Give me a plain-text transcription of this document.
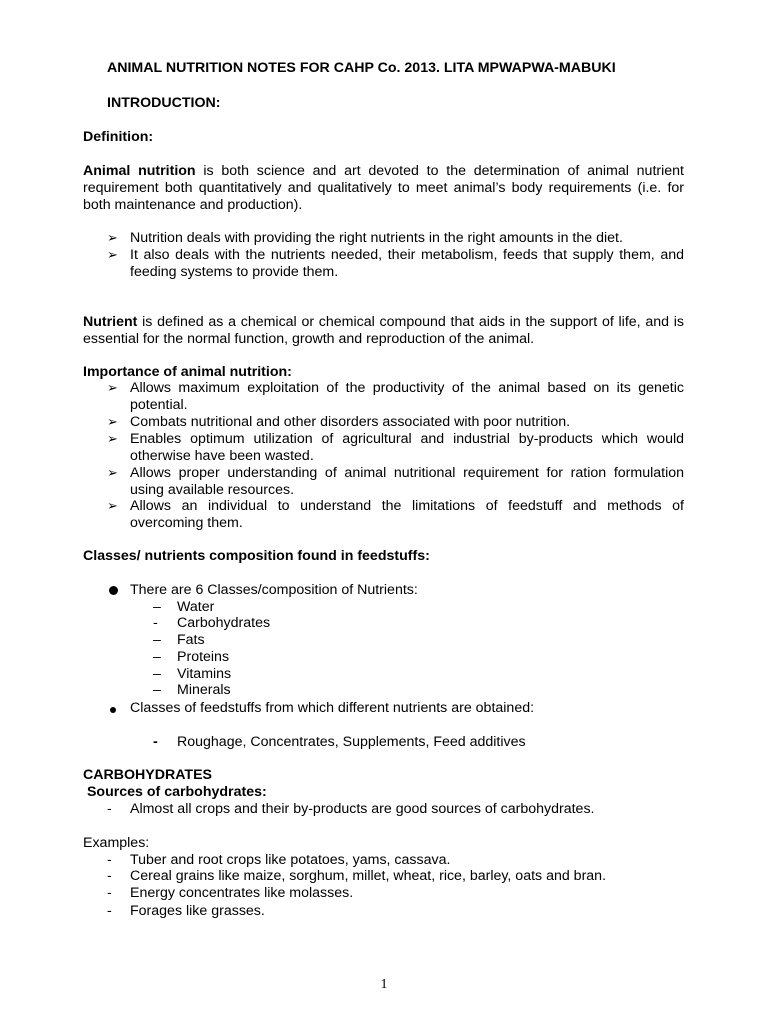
ANIMAL NUTRITION NOTES FOR CAHP Co. 2013. LITA MPWAPWA-MABUKI
INTRODUCTION:
Definition:
Animal nutrition is both science and art devoted to the determination of animal nutrient requirement both quantitatively and qualitatively to meet animal’s body requirements (i.e. for both maintenance and production).
➢ Nutrition deals with providing the right nutrients in the right amounts in the diet.
➢ It also deals with the nutrients needed, their metabolism, feeds that supply them, and feeding systems to provide them.
Nutrient is defined as a chemical or chemical compound that aids in the support of life, and is essential for the normal function, growth and reproduction of the animal.
Importance of animal nutrition:
➢ Allows maximum exploitation of the productivity of the animal based on its genetic potential.
➢ Combats nutritional and other disorders associated with poor nutrition.
➢ Enables optimum utilization of agricultural and industrial by-products which would otherwise have been wasted.
➢ Allows proper understanding of animal nutritional requirement for ration formulation using available resources.
➢ Allows an individual to understand the limitations of feedstuff and methods of overcoming them.
Classes/ nutrients composition found in feedstuffs:
There are 6 Classes/composition of Nutrients:
– Water
- Carbohydrates
– Fats
– Proteins
– Vitamins
– Minerals
Classes of feedstuffs from which different nutrients are obtained:
- Roughage, Concentrates, Supplements, Feed additives
CARBOHYDRATES
Sources of carbohydrates:
- Almost all crops and their by-products are good sources of carbohydrates.
Examples:
- Tuber and root crops like potatoes, yams, cassava.
- Cereal grains like maize, sorghum, millet, wheat, rice, barley, oats and bran.
- Energy concentrates like molasses.
- Forages like grasses.
1
